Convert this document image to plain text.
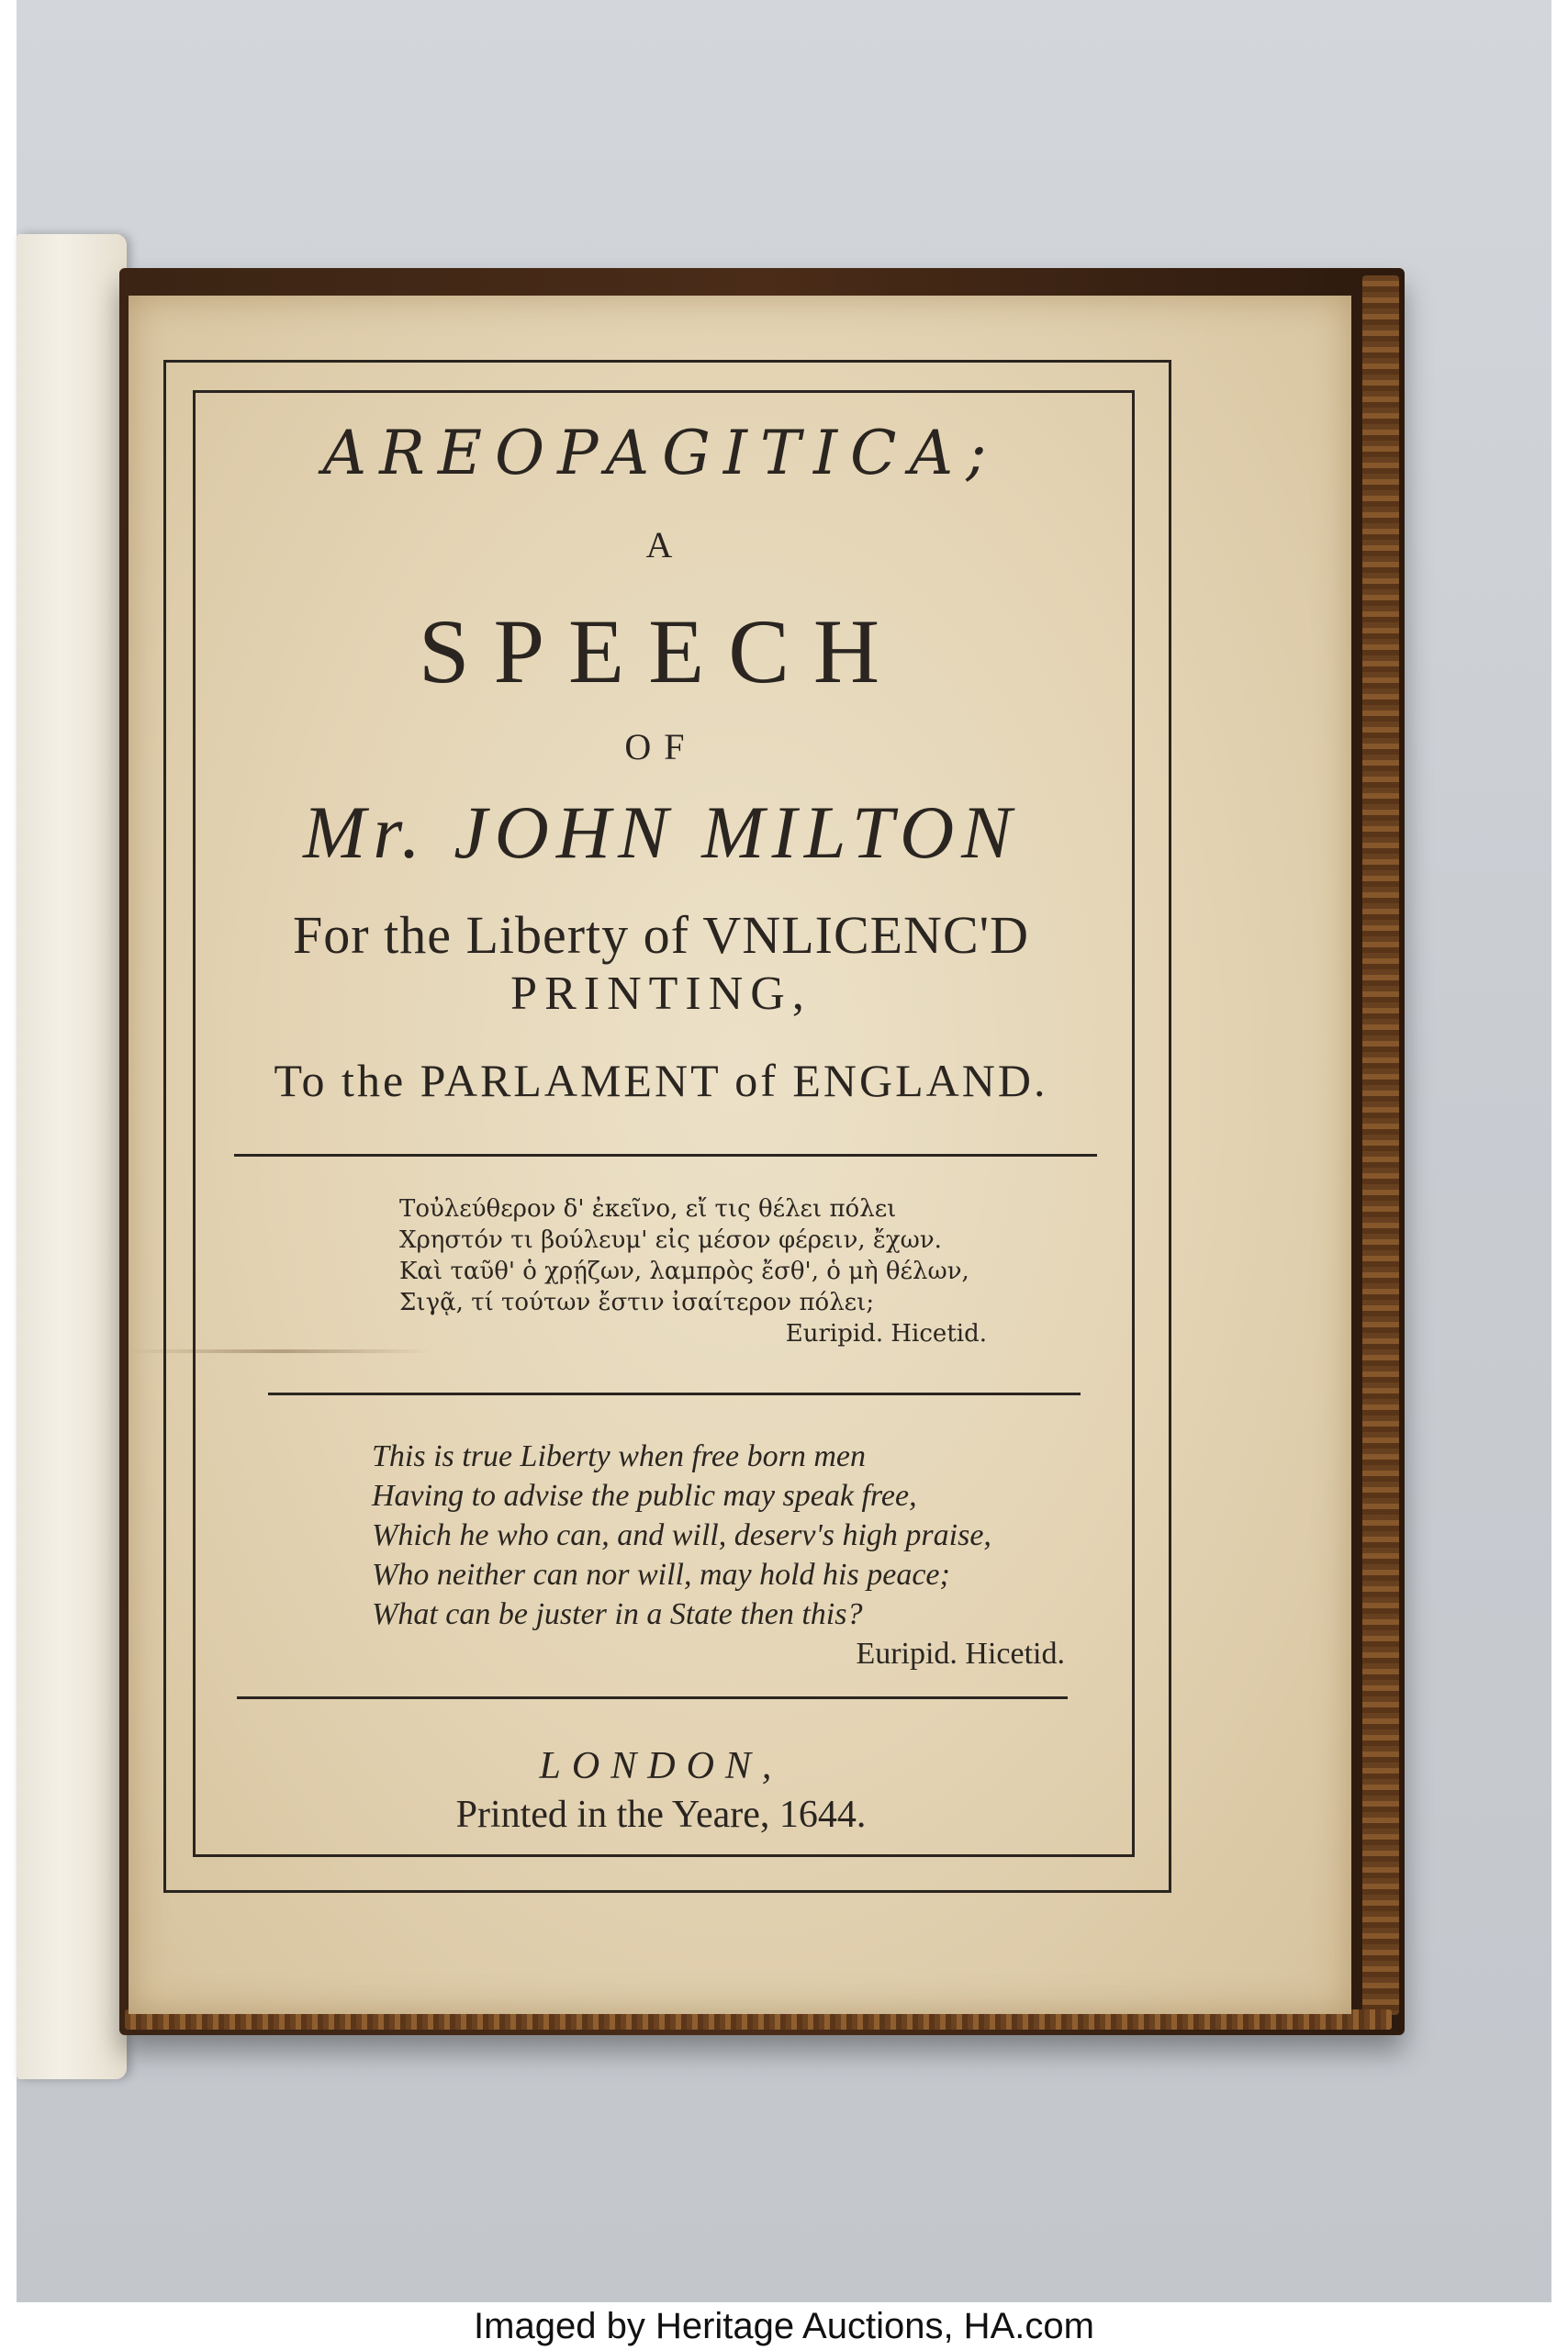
AREOPAGITICA;
A
SPEECH
OF
Mr. JOHN MILTON
For the Liberty of VNLICENC'D
PRINTING,
To the PARLAMENT of ENGLAND.
Τοὐλεύθερον δ' ἐκεῖνο, εἴ τις θέλει πόλει
Χρηστόν τι βούλευμ' εἰς μέσον φέρειν, ἔχων.
Καὶ ταῦθ' ὁ χρῄζων, λαμπρὸς ἔσθ', ὁ μὴ θέλων,
Σιγᾷ, τί τούτων ἔστιν ἰσαίτερον πόλει;
Euripid. Hicetid.
This is true Liberty when free born men
Having to advise the public may speak free,
Which he who can, and will, deserv's high praise,
Who neither can nor will, may hold his peace;
What can be juster in a State then this?
Euripid. Hicetid.
LONDON,
Printed in the Yeare, 1644.
Imaged by Heritage Auctions, HA.com
